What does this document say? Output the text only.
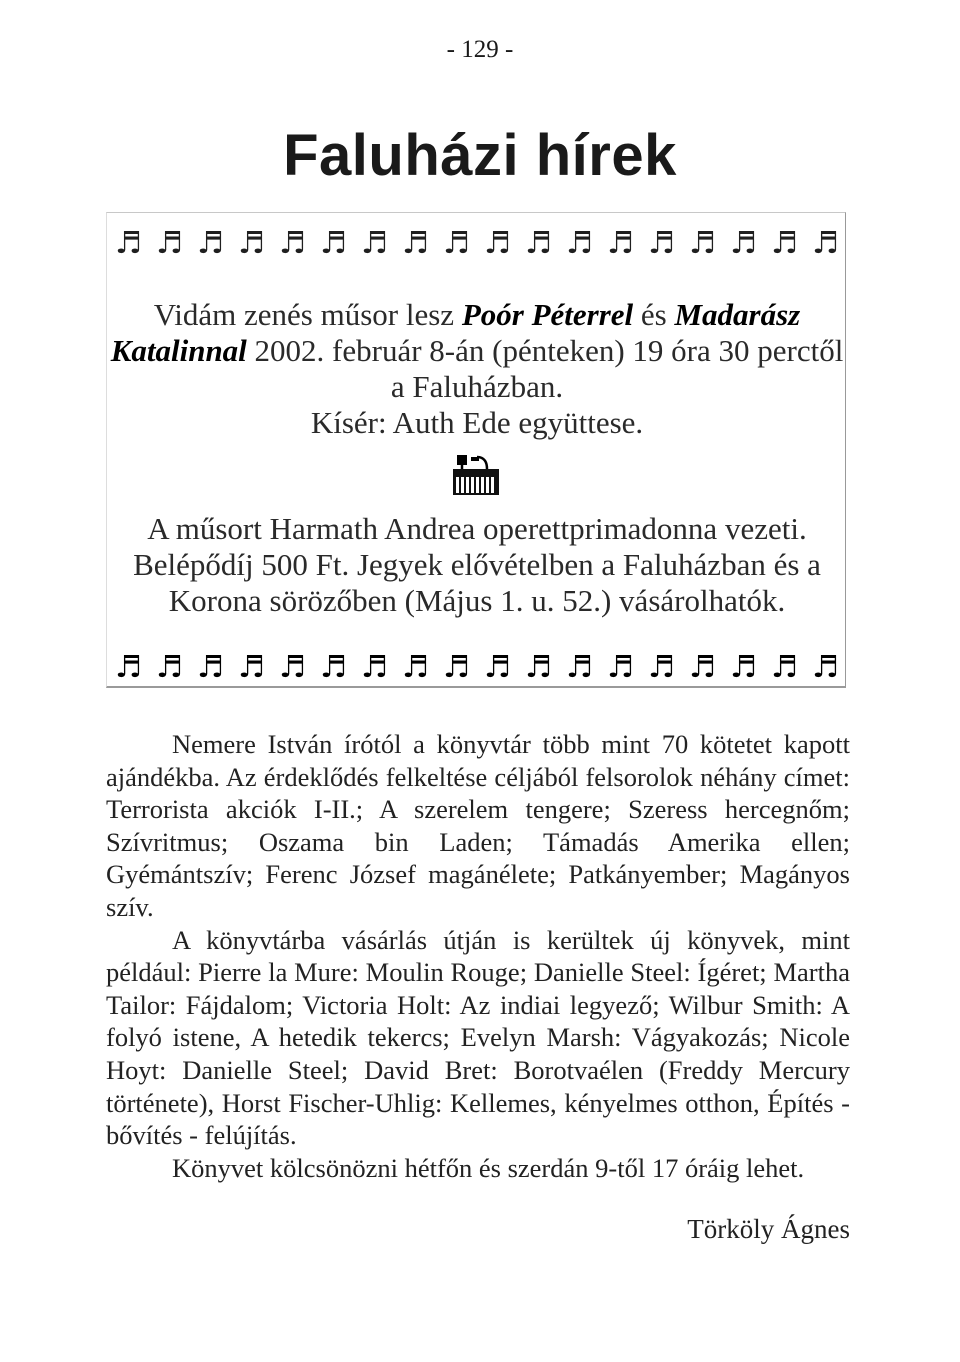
- 129 -
Faluházi hírek
♬ ♬ ♬ ♬ ♬ ♬ ♬ ♬ ♬ ♬ ♬ ♬ ♬ ♬ ♬ ♬ ♬ ♬
Vidám zenés műsor lesz Poór Péterrel és Madarász Katalinnal 2002. február 8-án (pénteken) 19 óra 30 perctől a Faluházban.
Kísér: Auth Ede együttese.
A műsort Harmath Andrea operettprimadonna vezeti.
Belépődíj 500 Ft. Jegyek elővételben a Faluházban és a Korona sörözőben (Május 1. u. 52.) vásárolhatók.
♬ ♬ ♬ ♬ ♬ ♬ ♬ ♬ ♬ ♬ ♬ ♬ ♬ ♬ ♬ ♬ ♬ ♬

Nemere István írótól a könyvtár több mint 70 kötetet kapott ajándékba. Az érdeklődés felkeltése céljából felsorolok néhány címet: Terrorista akciók I-II.; A szerelem tengere; Szeress hercegnőm; Szívritmus; Oszama bin Laden; Támadás Amerika ellen; Gyémántszív; Ferenc József magánélete; Patkányember; Magányos szív.

A könyvtárba vásárlás útján is kerültek új könyvek, mint például: Pierre la Mure: Moulin Rouge; Danielle Steel: Ígéret; Martha Tailor: Fájdalom; Victoria Holt: Az indiai legyező; Wilbur Smith: A folyó istene, A hetedik tekercs; Evelyn Marsh: Vágyakozás; Nicole Hoyt: Danielle Steel; David Bret: Borotvaélen (Freddy Mercury története), Horst Fischer-Uhlig: Kellemes, kényelmes otthon, Építés - bővítés - felújítás.

Könyvet kölcsönözni hétfőn és szerdán 9-től 17 óráig lehet.

Törköly Ágnes
